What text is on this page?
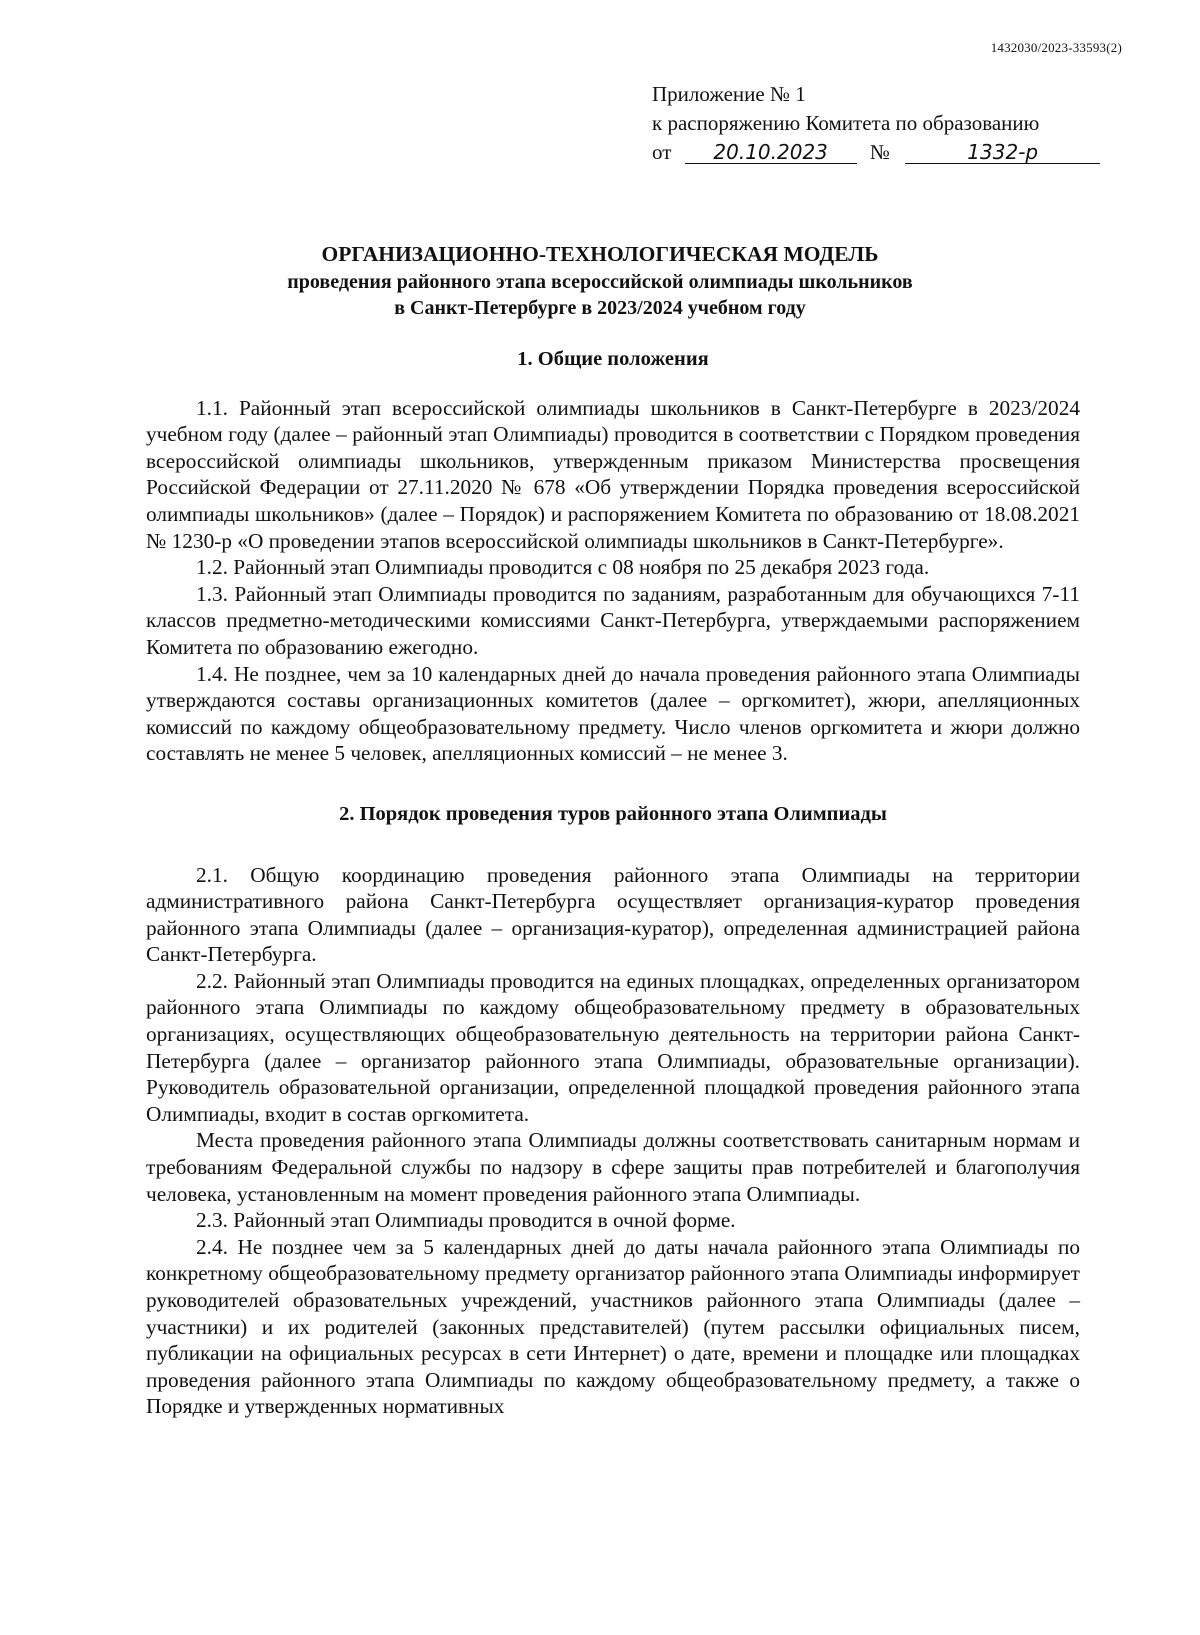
1432030/2023-33593(2)
Приложение № 1
к распоряжению Комитета по образованию
от 20.10.2023 №	1332-р
ОРГАНИЗАЦИОННО-ТЕХНОЛОГИЧЕСКАЯ МОДЕЛЬ
проведения районного этапа всероссийской олимпиады школьников
в Санкт-Петербурге в 2023/2024 учебном году
1. Общие положения

1.1. Районный этап всероссийской олимпиады школьников в Санкт-Петербурге в 2023/2024 учебном году (далее – районный этап Олимпиады) проводится в соответствии с Порядком проведения всероссийской олимпиады школьников, утвержденным приказом Министерства просвещения Российской Федерации от 27.11.2020 № 678 «Об утверждении Порядка проведения всероссийской олимпиады школьников» (далее – Порядок) и распоряжением Комитета по образованию от 18.08.2021 № 1230-р «О проведении этапов всероссийской олимпиады школьников в Санкт-Петербурге».

1.2. Районный этап Олимпиады проводится с 08 ноября по 25 декабря 2023 года.

1.3. Районный этап Олимпиады проводится по заданиям, разработанным для обучающихся 7-11 классов предметно-методическими комиссиями Санкт-Петербурга, утверждаемыми распоряжением Комитета по образованию ежегодно.

1.4. Не позднее, чем за 10 календарных дней до начала проведения районного этапа Олимпиады утверждаются составы организационных комитетов (далее – оргкомитет), жюри, апелляционных комиссий по каждому общеобразовательному предмету. Число членов оргкомитета и жюри должно составлять не менее 5 человек, апелляционных комиссий – не менее 3.

2. Порядок проведения туров районного этапа Олимпиады

2.1. Общую координацию проведения районного этапа Олимпиады на территории административного района Санкт-Петербурга осуществляет организация-куратор проведения районного этапа Олимпиады (далее – организация-куратор), определенная администрацией района Санкт-Петербурга.

2.2. Районный этап Олимпиады проводится на единых площадках, определенных организатором районного этапа Олимпиады по каждому общеобразовательному предмету в образовательных организациях, осуществляющих общеобразовательную деятельность на территории района Санкт-Петербурга (далее – организатор районного этапа Олимпиады, образовательные организации). Руководитель образовательной организации, определенной площадкой проведения районного этапа Олимпиады, входит в состав оргкомитета.

Места проведения районного этапа Олимпиады должны соответствовать санитарным нормам и требованиям Федеральной службы по надзору в сфере защиты прав потребителей и благополучия человека, установленным на момент проведения районного этапа Олимпиады.

2.3. Районный этап Олимпиады проводится в очной форме.

2.4. Не позднее чем за 5 календарных дней до даты начала районного этапа Олимпиады по конкретному общеобразовательному предмету организатор районного этапа Олимпиады информирует руководителей образовательных учреждений, участников районного этапа Олимпиады (далее – участники) и их родителей (законных представителей) (путем рассылки официальных писем, публикации на официальных ресурсах в сети Интернет) о дате, времени и площадке или площадках проведения районного этапа Олимпиады по каждому общеобразовательному предмету, а также о Порядке и утвержденных нормативных
